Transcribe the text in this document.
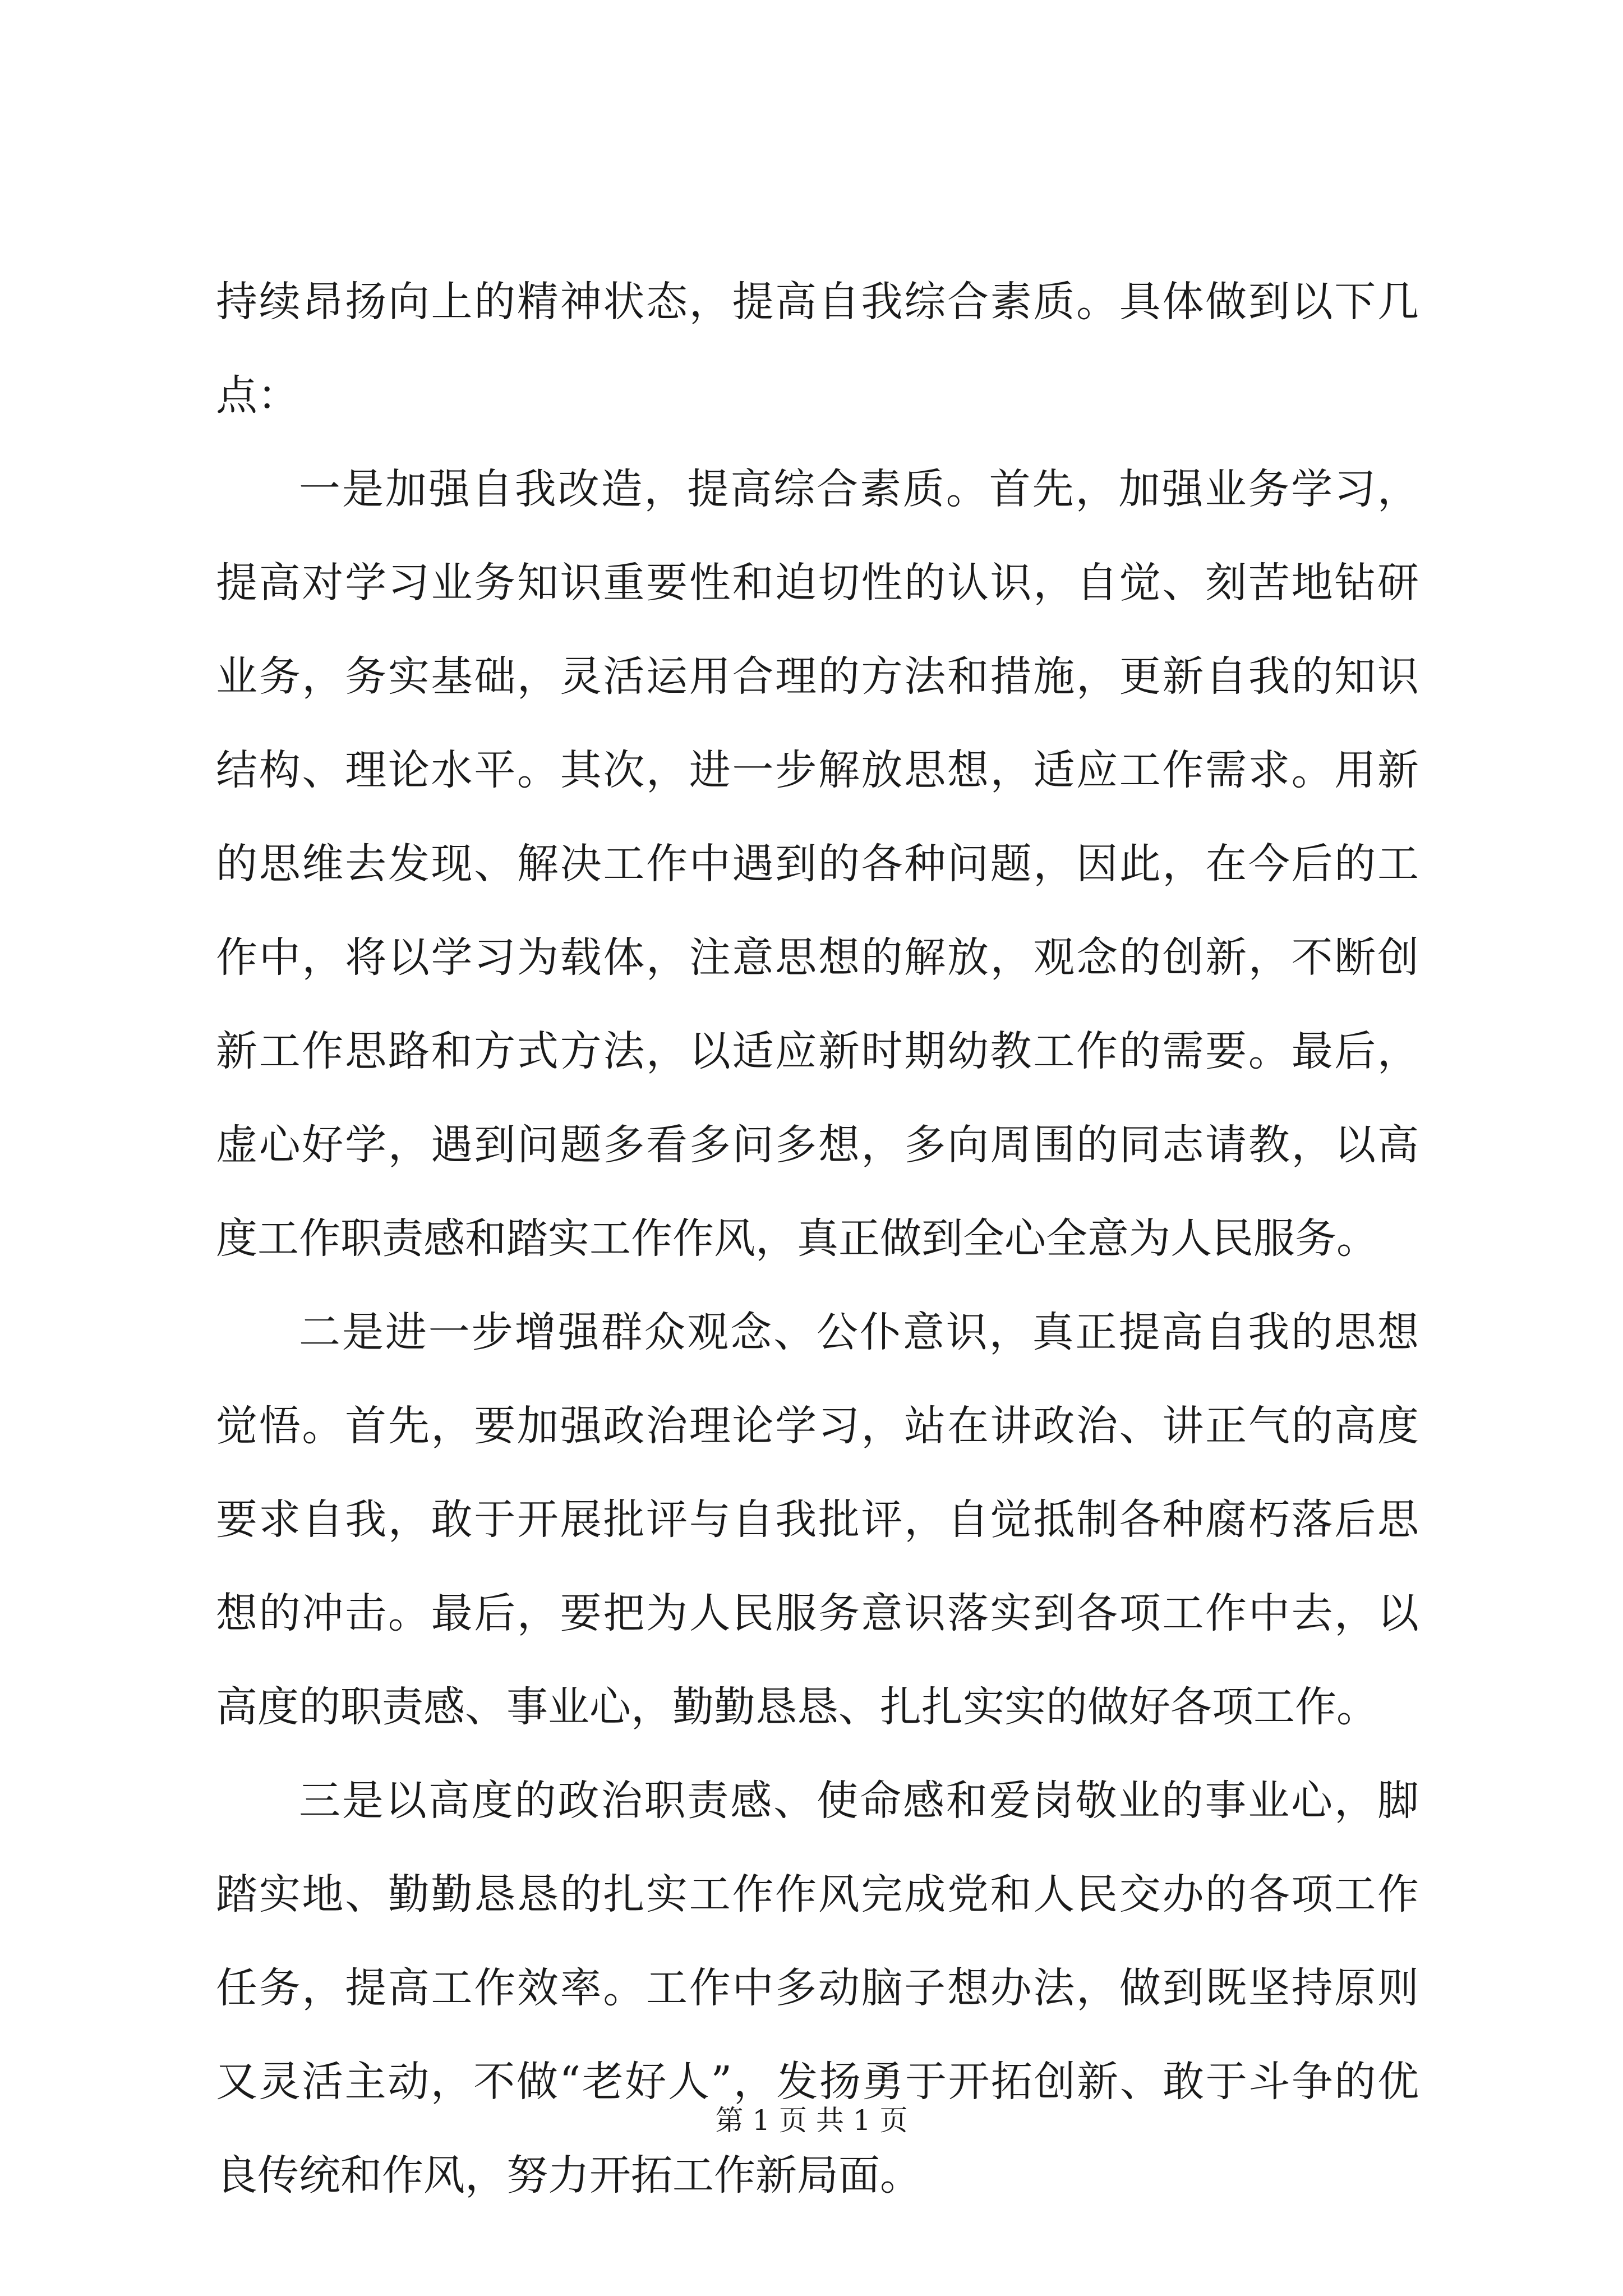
持续昂扬向上的精神状态，提高自我综合素质。具体做到以下几点：

一是加强自我改造，提高综合素质。首先，加强业务学习，提高对学习业务知识重要性和迫切性的认识，自觉、刻苦地钻研业务，务实基础，灵活运用合理的方法和措施，更新自我的知识结构、理论水平。其次，进一步解放思想，适应工作需求。用新的思维去发现、解决工作中遇到的各种问题，因此，在今后的工作中，将以学习为载体，注意思想的解放，观念的创新，不断创新工作思路和方式方法，以适应新时期幼教工作的需要。最后，虚心好学，遇到问题多看多问多想，多向周围的同志请教，以高度工作职责感和踏实工作作风，真正做到全心全意为人民服务。

二是进一步增强群众观念、公仆意识，真正提高自我的思想觉悟。首先，要加强政治理论学习，站在讲政治、讲正气的高度要求自我，敢于开展批评与自我批评，自觉抵制各种腐朽落后思想的冲击。最后，要把为人民服务意识落实到各项工作中去，以高度的职责感、事业心，勤勤恳恳、扎扎实实的做好各项工作。

三是以高度的政治职责感、使命感和爱岗敬业的事业心，脚踏实地、勤勤恳恳的扎实工作作风完成党和人民交办的各项工作任务，提高工作效率。工作中多动脑子想办法，做到既坚持原则又灵活主动，不做“老好人”，发扬勇于开拓创新、敢于斗争的优良传统和作风，努力开拓工作新局面。

第 1 页 共 1 页
